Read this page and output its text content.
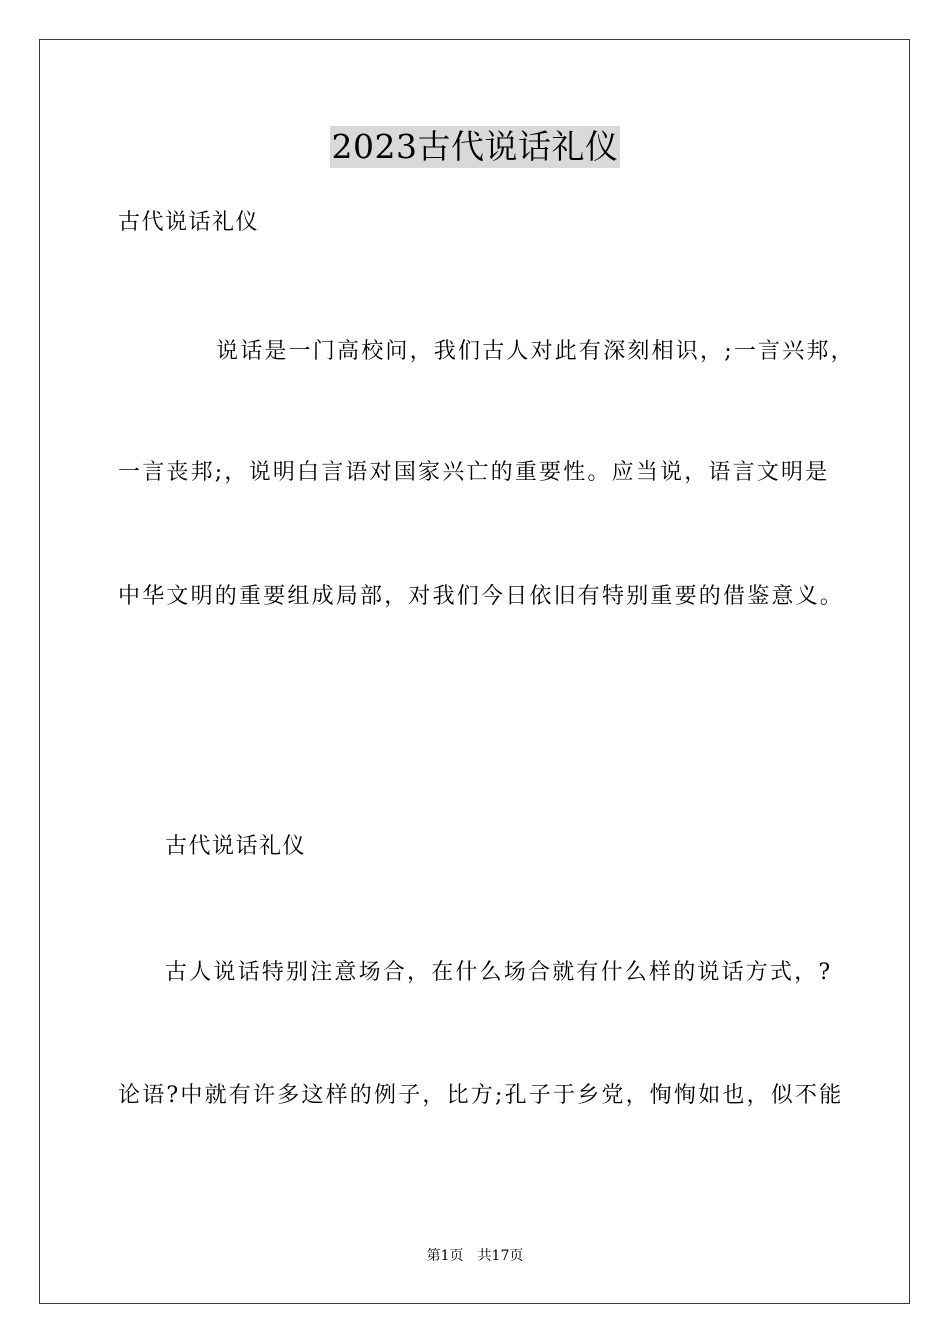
2023古代说话礼仪
古代说话礼仪
说话是一门高校问，我们古人对此有深刻相识，;一言兴邦，
一言丧邦;，说明白言语对国家兴亡的重要性。应当说，语言文明是
中华文明的重要组成局部，对我们今日依旧有特别重要的借鉴意义。
古代说话礼仪
古人说话特别注意场合，在什么场合就有什么样的说话方式，?
论语?中就有许多这样的例子，比方;孔子于乡党，恂恂如也，似不能
第1页 共17页
